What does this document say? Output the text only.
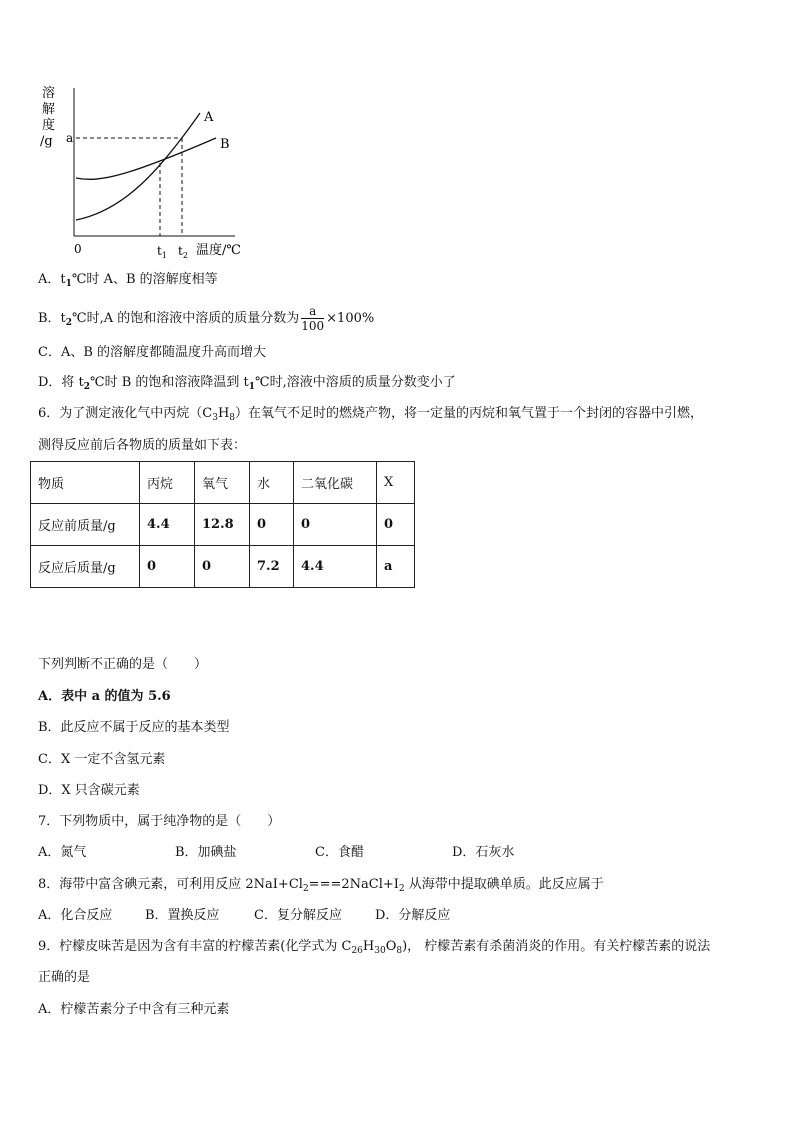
溶
解
度
/g a
A
B
0	$t_1$ $t_2$ 温度/℃
A．$t_1℃$时 A、B 的溶解度相等
B．$t_2℃$时,A 的饱和溶液中溶质的质量分数为 $\frac{a}{100} \times 100\%$
C．A、B 的溶解度都随温度升高而增大
D．将 $t_2℃$时 B 的饱和溶液降温到 $t_1℃$时,溶液中溶质的质量分数变小了
6．为了测定液化气中丙烷$(C_3H_8)$在氧气不足时的燃烧产物，将一定量的丙烷和氧气置于一个封闭的容器中引燃，
测得反应前后各物质的质量如下表：
物质	丙烷	氧气	水	二氧化碳	X
反应前质量/g	4.4	12.8	0	0	0
反应后质量/g	0	0	7.2	4.4	a
下列判断不正确的是（　　）
A．表中 a 的值为 5.6
B．此反应不属于反应的基本类型
C．X 一定不含氢元素
D．X 只含碳元素
7．下列物质中，属于纯净物的是（　　）
A．氮气	B．加碘盐	C．食醋	D．石灰水
8．海带中富含碘元素，可利用反应 $2NaI+Cl_2===2NaCl+I_2$ 从海带中提取碘单质。此反应属于
A．化合反应	B．置换反应	C．复分解反应	D．分解反应
9．柠檬皮味苦是因为含有丰富的柠檬苦素(化学式为 $C_{26}H_{30}O_8$)， 柠檬苦素有杀菌消炎的作用。有关柠檬苦素的说法
正确的是
A．柠檬苦素分子中含有三种元素
